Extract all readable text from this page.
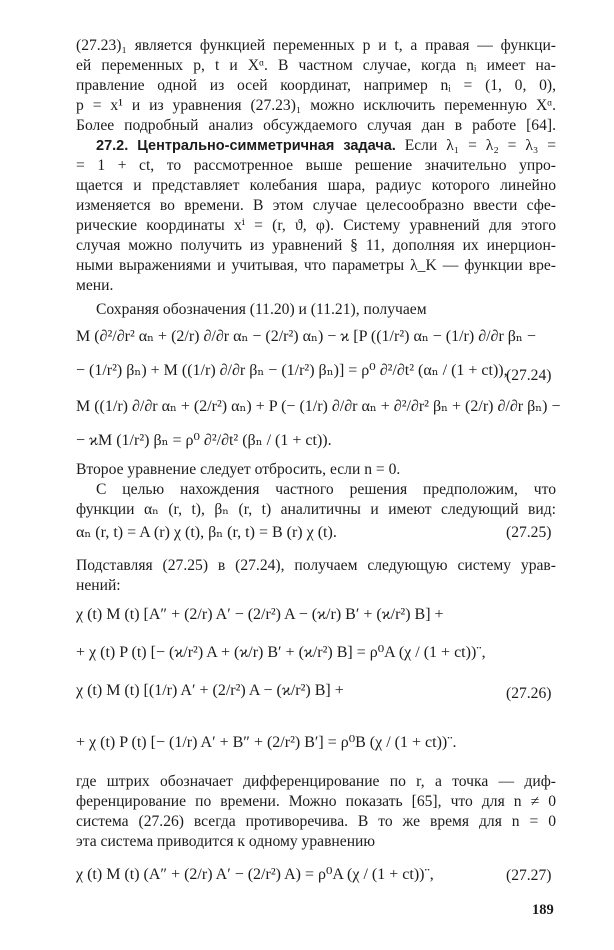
(27.23)₁ является функцией переменных p и t, а правая — функци-
ей переменных p, t и Xᵅ. В частном случае, когда nᵢ имеет на-
правление одной из осей координат, например nᵢ = (1, 0, 0),
p = x¹ и из уравнения (27.23)₁ можно исключить переменную Xᵅ.
Более подробный анализ обсуждаемого случая дан в работе [64].
27.2. Центрально-симметричная задача. Если λ₁ = λ₂ = λ₃ =
= 1 + ct, то рассмотренное выше решение значительно упро-
щается и представляет колебания шара, радиус которого линейно
изменяется во времени. В этом случае целесообразно ввести сфе-
рические координаты xⁱ = (r, ϑ, φ). Систему уравнений для этого
случая можно получить из уравнений § 11, дополняя их инерцион-
ными выражениями и учитывая, что параметры λ_K — функции вре-
мени.
Сохраняя обозначения (11.20) и (11.21), получаем
M (∂²/∂r² αₙ + (2/r) ∂/∂r αₙ − (2/r²) αₙ) − ϰ [P ((1/r²) αₙ − (1/r) ∂/∂r βₙ −
− (1/r²) βₙ) + M ((1/r) ∂/∂r βₙ − (1/r²) βₙ)] = ρ⁰ ∂²/∂t² (αₙ / (1 + ct)),
(27.24)
M ((1/r) ∂/∂r αₙ + (2/r²) αₙ) + P (− (1/r) ∂/∂r αₙ + ∂²/∂r² βₙ + (2/r) ∂/∂r βₙ) −
− ϰM (1/r²) βₙ = ρ⁰ ∂²/∂t² (βₙ / (1 + ct)).
Второе уравнение следует отбросить, если n = 0.
С целью нахождения частного решения предположим, что
функции αₙ (r, t), βₙ (r, t) аналитичны и имеют следующий вид:
αₙ (r, t) = A (r) χ (t), βₙ (r, t) = B (r) χ (t).	(27.25)
Подставляя (27.25) в (27.24), получаем следующую систему урав-
нений:
χ (t) M (t) [A″ + (2/r) A′ − (2/r²) A − (ϰ/r) B′ + (ϰ/r²) B] +
+ χ (t) P (t) [− (ϰ/r²) A + (ϰ/r) B′ + (ϰ/r²) B] = ρ⁰A (χ / (1 + ct))¨,
χ (t) M (t) [(1/r) A′ + (2/r²) A − (ϰ/r²) B] +	(27.26)
+ χ (t) P (t) [− (1/r) A′ + B″ + (2/r²) B′] = ρ⁰B (χ / (1 + ct))¨.
где штрих обозначает дифференцирование по r, а точка — диф-
ференцирование по времени. Можно показать [65], что для n ≠ 0
система (27.26) всегда противоречива. В то же время для n = 0
эта система приводится к одному уравнению
χ (t) M (t) (A″ + (2/r) A′ − (2/r²) A) = ρ⁰A (χ / (1 + ct))¨,	(27.27)
189
